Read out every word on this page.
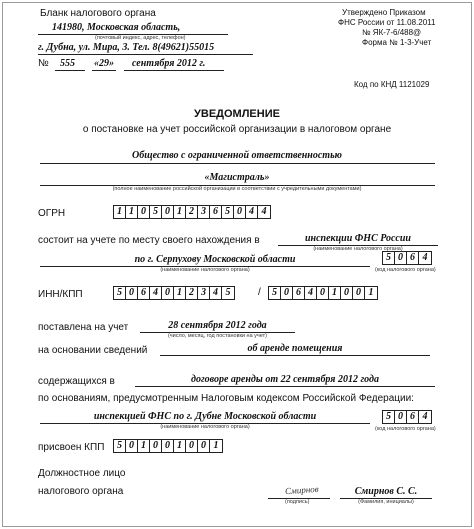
Бланк налогового органа
141980, Московская область,
(почтовый индекс, адрес, телефон)
г. Дубна, ул. Мира, 3. Тел. 8(49621)55015
№ 555 «29» сентября 2012 г.
Утверждено Приказом
ФНС России от 11.08.2011
№ ЯК-7-6/488@
Форма № 1-3-Учет
Код по КНД 1121029
УВЕДОМЛЕНИЕ
о постановке на учет российской организации в налоговом органе
Общество с ограниченной ответственностью
«Магистраль»
(полное наименование российской организации в соответствии с учредительными документами)
ОГРН	1 1 0 5 0 1 2 3 6 5 0 4 4
состоит на учете по месту своего нахождения в	инспекции ФНС России
(наименование налогового органа)
по г. Серпухову Московской области
(наименование налогового органа)
5 0 6 4
(код налогового органа)
ИНН/КПП	5 0 6 4 0 1 2 3 4 5	/	5 0 6 4 0 1 0 0 1
поставлена на учет	28 сентября 2012 года
(число, месяц, год постановки на учет)
на основании сведений	об аренде помещения
содержащихся в	договоре аренды от 22 сентября 2012 года
по основаниям, предусмотренным Налоговым кодексом Российской Федерации:
инспекцией ФНС по г. Дубне Московской области
(наименование налогового органа)
5 0 6 4
(код налогового органа)
присвоен КПП	5 0 1 0 0 1 0 0 1
Должностное лицо
налогового органа	Смирнов
(подпись)
Смирнов С. С.
(Фамилия, инициалы)
